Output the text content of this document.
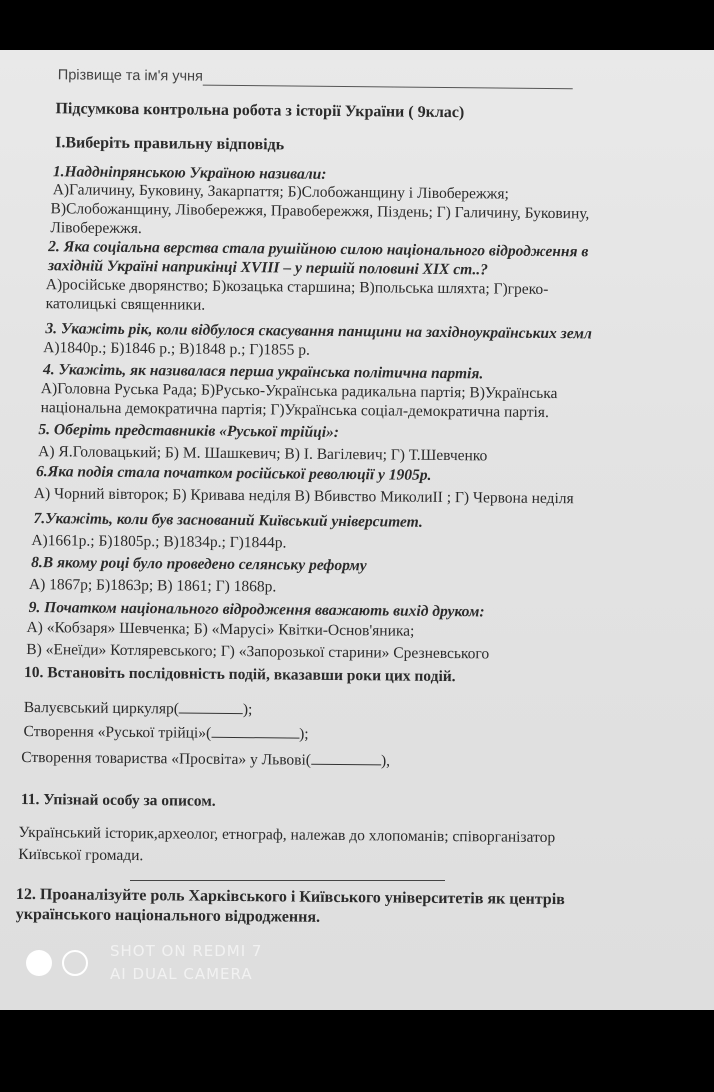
Прізвище та ім'я учня
Підсумкова контрольна робота з історії України ( 9клас)
I.Виберіть правильну відповідь
1.Наддніпрянською Україною називали:
А)Галичину, Буковину, Закарпаття; Б)Слобожанщину і Лівобережжя;
В)Слобожанщину, Лівобережжя, Правобережжя, Піздень; Г) Галичину, Буковину,
Лівобережжя.
2. Яка соціальна верства стала рушійною силою національного відродження в
західній Україні наприкінці XVIII – у першій половині XIX ст..?
А)російське дворянство; Б)козацька старшина; В)польська шляхта; Г)греко-
католицькі священники.
3. Укажіть рік, коли відбулося скасування панщини на західноукраїнських земл
А)1840р.; Б)1846 р.; В)1848 р.; Г)1855 р.
4. Укажіть, як називалася перша українська політична партія.
А)Головна Руська Рада; Б)Русько-Українська радикальна партія; В)Українська
національна демократична партія; Г)Українська соціал-демократична партія.
5. Оберіть представників «Руської трійці»:
А) Я.Головацький; Б) М. Шашкевич; В) І. Вагілевич; Г) Т.Шевченко
6.Яка подія стала початком російської революції у 1905р.
А) Чорний вівторок; Б) Кривава неділя В) Вбивство МиколиII ; Г) Червона неділя
7.Укажіть, коли був заснований Київський університет.
А)1661р.; Б)1805р.; В)1834р.; Г)1844р.
8.В якому році було проведено селянську реформу
А) 1867р; Б)1863р; В) 1861; Г) 1868р.
9. Початком національного відродження вважають вихід друком:
А) «Кобзаря» Шевченка; Б) «Марусі» Квітки-Основ'яника;
В) «Енеїди» Котляревського; Г) «Запорозької старини» Срезневського
10. Встановіть послідовність подій, вказавши роки цих подій.
Валуєвський циркуляр(	);
Створення «Руської трійці»(	);
Створення товариства «Просвіта» у Львові(	),
11. Упізнай особу за описом.
Український історик,археолог, етнограф, належав до хлопоманів; співорганізатор
Київської громади.
12. Проаналізуйте роль Харківського і Київського університетів як центрів
українського національного відродження.
SHOT ON REDMI 7
AI DUAL CAMERA
